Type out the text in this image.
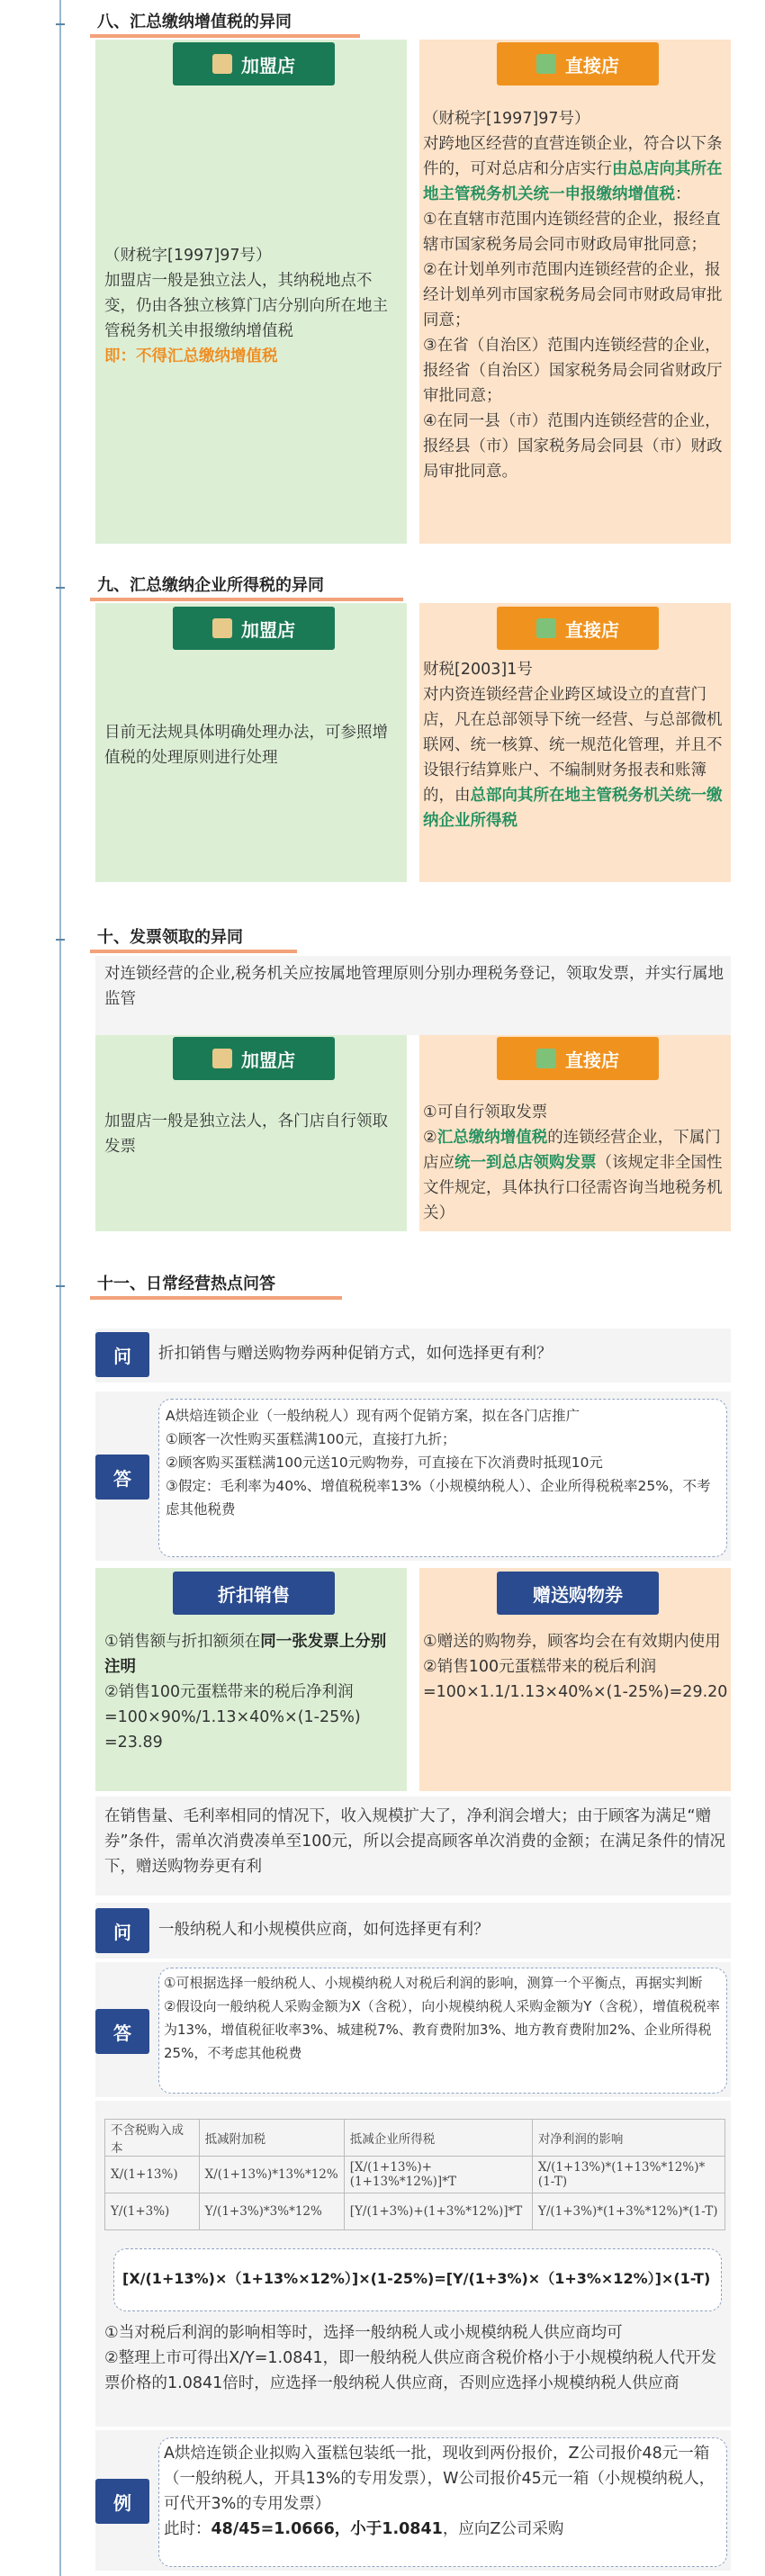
八、汇总缴纳增值税的异同
加盟店
（财税字[1997]97号）
加盟店一般是独立法人，其纳税地点不变，仍由各独立核算门店分别向所在地主管税务机关申报缴纳增值税
即：不得汇总缴纳增值税
直接店
（财税字[1997]97号）
对跨地区经营的直营连锁企业，符合以下条件的，可对总店和分店实行由总店向其所在地主管税务机关统一申报缴纳增值税：
①在直辖市范围内连锁经营的企业，报经直辖市国家税务局会同市财政局审批同意；
②在计划单列市范围内连锁经营的企业，报经计划单列市国家税务局会同市财政局审批同意；
③在省（自治区）范围内连锁经营的企业，报经省（自治区）国家税务局会同省财政厅审批同意；
④在同一县（市）范围内连锁经营的企业，报经县（市）国家税务局会同县（市）财政局审批同意。
九、汇总缴纳企业所得税的异同
加盟店
目前无法规具体明确处理办法，可参照增值税的处理原则进行处理
直接店
财税[2003]1号
对内资连锁经营企业跨区域设立的直营门店，凡在总部领导下统一经营、与总部微机联网、统一核算、统一规范化管理，并且不设银行结算账户、不编制财务报表和账簿的，由总部向其所在地主管税务机关统一缴纳企业所得税
十、发票领取的异同
对连锁经营的企业,税务机关应按属地管理原则分别办理税务登记，领取发票，并实行属地监管
加盟店
加盟店一般是独立法人，各门店自行领取发票
直接店
①可自行领取发票
②汇总缴纳增值税的连锁经营企业，下属门店应统一到总店领购发票（该规定非全国性文件规定，具体执行口径需咨询当地税务机关）
十一、日常经营热点问答
问	折扣销售与赠送购物券两种促销方式，如何选择更有利？
答
A烘焙连锁企业（一般纳税人）现有两个促销方案，拟在各门店推广
①顾客一次性购买蛋糕满100元，直接打九折；
②顾客购买蛋糕满100元送10元购物券，可直接在下次消费时抵现10元
③假定：毛利率为40%、增值税税率13%（小规模纳税人）、企业所得税税率25%，不考虑其他税费
折扣销售
①销售额与折扣额须在同一张发票上分别注明
②销售100元蛋糕带来的税后净利润=100×90%/1.13×40%×(1-25%)
=23.89
赠送购物券
①赠送的购物券，顾客均会在有效期内使用
②销售100元蛋糕带来的税后利润=100×1.1/1.13×40%×(1-25%)=29.20
在销售量、毛利率相同的情况下，收入规模扩大了，净利润会增大；由于顾客为满足“赠券”条件，需单次消费凑单至100元，所以会提高顾客单次消费的金额；在满足条件的情况下，赠送购物券更有利
问	一般纳税人和小规模供应商，如何选择更有利？
答
①可根据选择一般纳税人、小规模纳税人对税后利润的影响，测算一个平衡点，再据实判断
②假设向一般纳税人采购金额为X（含税），向小规模纳税人采购金额为Y（含税），增值税税率为13%，增值税征收率3%、城建税7%、教育费附加3%、地方教育费附加2%、企业所得税25%，不考虑其他税费
不含税购入成本	抵减附加税	抵减企业所得税	对净利润的影响
X/(1+13%)	X/(1+13%)*13%*12%	[X/(1+13%)+(1+13%*12%)]*T	X/(1+13%)*(1+13%*12%)*(1-T)
Y/(1+3%)	Y/(1+3%)*3%*12%	[Y/(1+3%)+(1+3%*12%)]*T	Y/(1+3%)*(1+3%*12%)*(1-T)
[X/(1+13%)×（1+13%×12%）]×(1-25%)=[Y/(1+3%)×（1+3%×12%）]×(1-T)
①当对税后利润的影响相等时，选择一般纳税人或小规模纳税人供应商均可
②整理上市可得出X/Y=1.0841，即一般纳税人供应商含税价格小于小规模纳税人代开发票价格的1.0841倍时，应选择一般纳税人供应商，否则应选择小规模纳税人供应商
例
A烘焙连锁企业拟购入蛋糕包装纸一批，现收到两份报价，Z公司报价48元一箱（一般纳税人，开具13%的专用发票），W公司报价45元一箱（小规模纳税人，可代开3%的专用发票）
此时：48/45=1.0666，小于1.0841，应向Z公司采购
